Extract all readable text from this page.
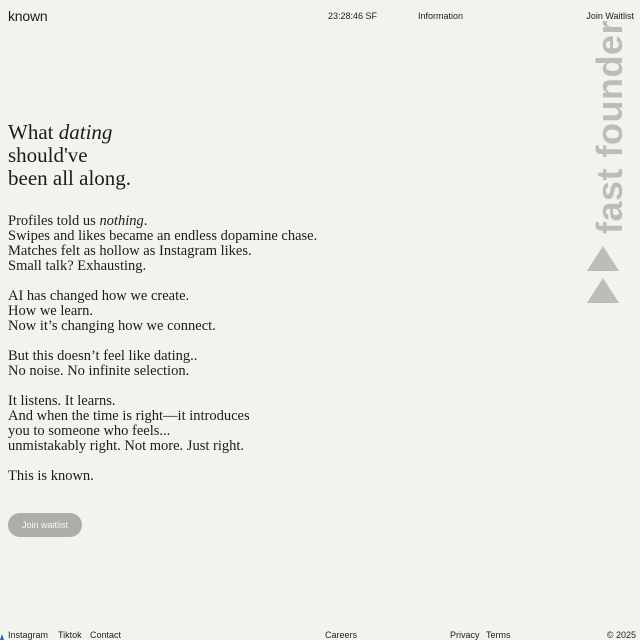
known	23:28:46 SF	Information	Join Waitlist
fast founder
What dating
should've
been all along.
Profiles told us nothing.
Swipes and likes became an endless dopamine chase.
Matches felt as hollow as Instagram likes.
Small talk? Exhausting.
AI has changed how we create.
How we learn.
Now it’s changing how we connect.
But this doesn’t feel like dating..
No noise. No infinite selection.
It listens. It learns.
And when the time is right—it introduces
you to someone who feels...
unmistakably right. Not more. Just right.
This is known.
Join waitlist
Instagram Tiktok Contact	Careers	Privacy Terms	© 2025
